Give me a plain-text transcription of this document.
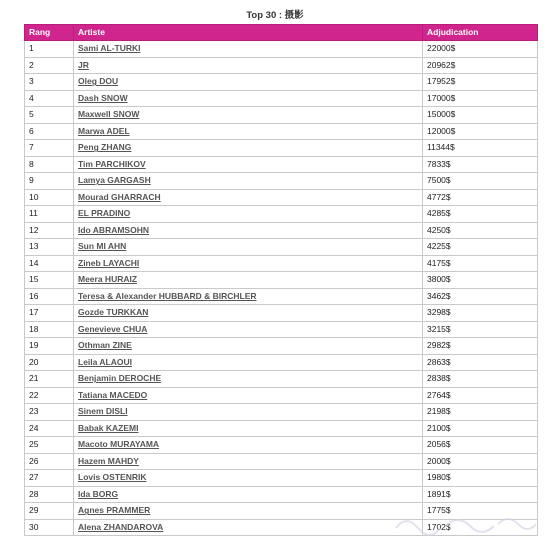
Top 30 : 摄影
Rang	Artiste	Adjudication
1	Sami AL-TURKI	22000$
2	JR	20962$
3	Oleg DOU	17952$
4	Dash SNOW	17000$
5	Maxwell SNOW	15000$
6	Marwa ADEL	12000$
7	Peng ZHANG	11344$
8	Tim PARCHIKOV	7833$
9	Lamya GARGASH	7500$
10	Mourad GHARRACH	4772$
11	EL PRADINO	4285$
12	Ido ABRAMSOHN	4250$
13	Sun MI AHN	4225$
14	Zineb LAYACHI	4175$
15	Meera HURAIZ	3800$
16	Teresa & Alexander HUBBARD & BIRCHLER	3462$
17	Gozde TURKKAN	3298$
18	Genevieve CHUA	3215$
19	Othman ZINE	2982$
20	Leila ALAOUI	2863$
21	Benjamin DEROCHE	2838$
22	Tatiana MACEDO	2764$
23	Sinem DISLI	2198$
24	Babak KAZEMI	2100$
25	Macoto MURAYAMA	2056$
26	Hazem MAHDY	2000$
27	Lovis OSTENRIK	1980$
28	Ida BORG	1891$
29	Agnes PRAMMER	1775$
30	Alena ZHANDAROVA	1702$
